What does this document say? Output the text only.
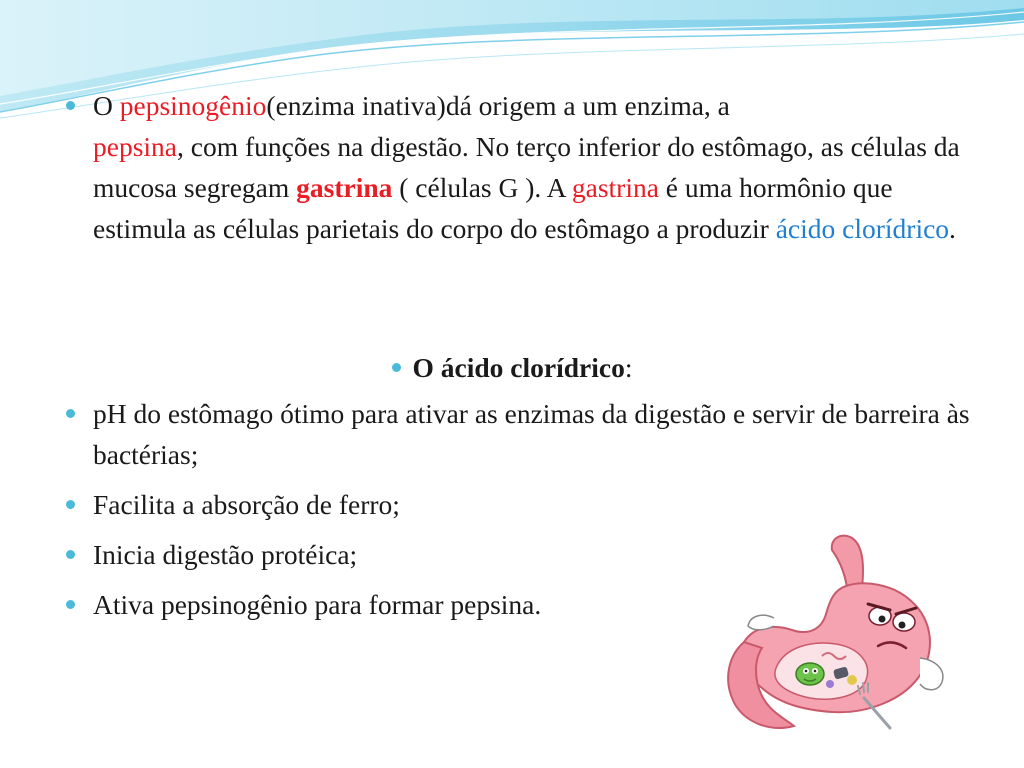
O pepsinogênio(enzima inativa)dá origem a um enzima, a
pepsina, com funções na digestão. No terço inferior do estômago, as células da mucosa segregam gastrina ( células G ). A gastrina é uma hormônio que estimula as células parietais do corpo do estômago a produzir ácido clorídrico.

O ácido clorídrico:

pH do estômago ótimo para ativar as enzimas da digestão e servir de barreira às bactérias;

Facilita a absorção de ferro;

Inicia digestão protéica;

Ativa pepsinogênio para formar pepsina.
